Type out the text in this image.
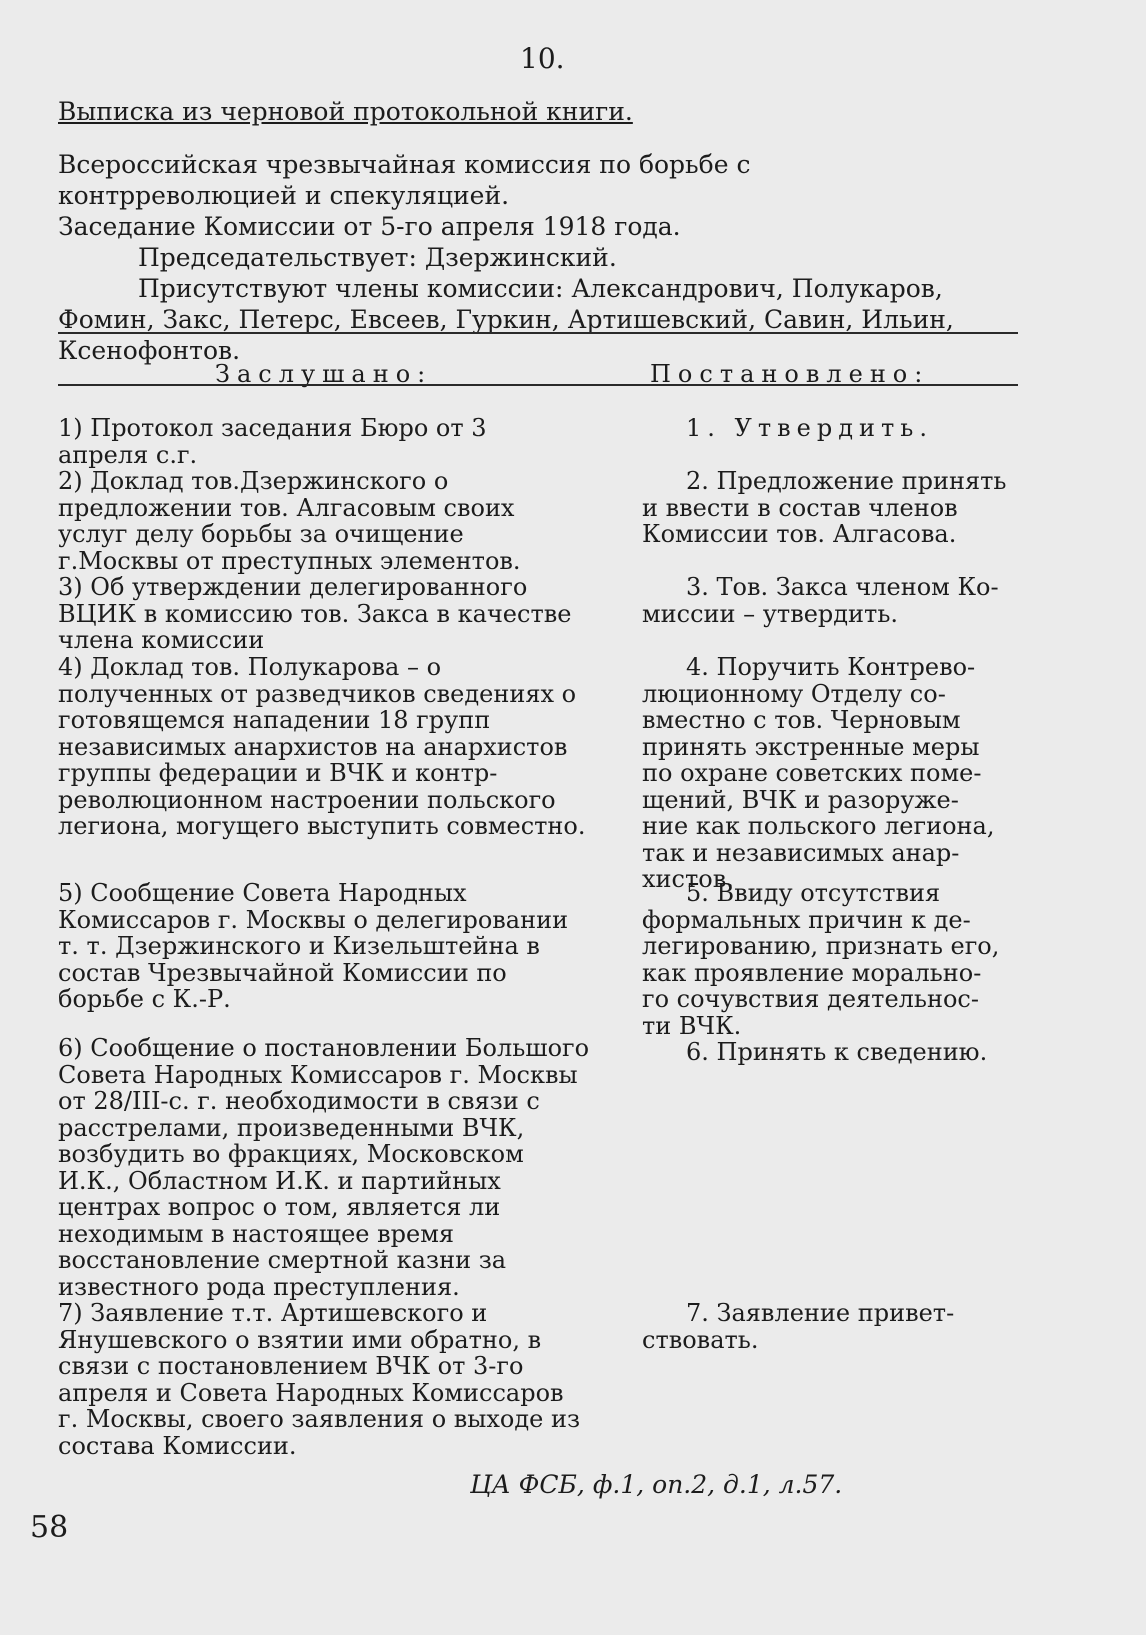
10.
Выписка из черновой протокольной книги.
Всероссийская чрезвычайная комиссия по борьбе с
контрреволюцией и спекуляцией.
Заседание Комиссии от 5-го апреля 1918 года.
Председательствует: Дзержинский.
Присутствуют члены комиссии: Александрович, Полукаров,
Фомин, Закс, Петерс, Евсеев, Гуркин, Артишевский, Савин, Ильин,
Ксенофонтов.
Заслушано:	Постановлено:
1) Протокол заседания Бюро от 3
апреля с.г.
2) Доклад тов.Дзержинского о
предложении тов. Алгасовым своих
услуг делу борьбы за очищение
г.Москвы от преступных элементов.
3) Об утверждении делегированного
ВЦИК в комиссию тов. Закса в качестве
члена комиссии
4) Доклад тов. Полукарова – о
полученных от разведчиков сведениях о
готовящемся нападении 18 групп
независимых анархистов на анархистов
группы федерации и ВЧК и контр-
революционном настроении польского
легиона, могущего выступить совместно.
5) Сообщение Совета Народных
Комиссаров г. Москвы о делегировании
т. т. Дзержинского и Кизельштейна в
состав Чрезвычайной Комиссии по
борьбе с К.-Р.
6) Сообщение о постановлении Большого
Совета Народных Комиссаров г. Москвы
от 28/III-с. г. необходимости в связи с
расстрелами, произведенными ВЧК,
возбудить во фракциях, Московском
И.К., Областном И.К. и партийных
центрах вопрос о том, является ли
неходимым в настоящее время
восстановление смертной казни за
известного рода преступления.
7) Заявление т.т. Артишевского и
Янушевского о взятии ими обратно, в
связи с постановлением ВЧК от 3-го
апреля и Совета Народных Комиссаров
г. Москвы, своего заявления о выходе из
состава Комиссии.
1. Утвердить.
2. Предложение принять
и ввести в состав членов
Комиссии тов. Алгасова.
3. Тов. Закса членом Ко-
миссии – утвердить.
4. Поручить Контрево-
люционному Отделу со-
вместно с тов. Черновым
принять экстренные меры
по охране советских поме-
щений, ВЧК и разоруже-
ние как польского легиона,
так и независимых анар-
хистов.
5. Ввиду отсутствия
формальных причин к де-
легированию, признать его,
как проявление морально-
го сочувствия деятельнос-
ти ВЧК.
6. Принять к сведению.
7. Заявление привет-
ствовать.
ЦА ФСБ, ф.1, оп.2, д.1, л.57.
58
